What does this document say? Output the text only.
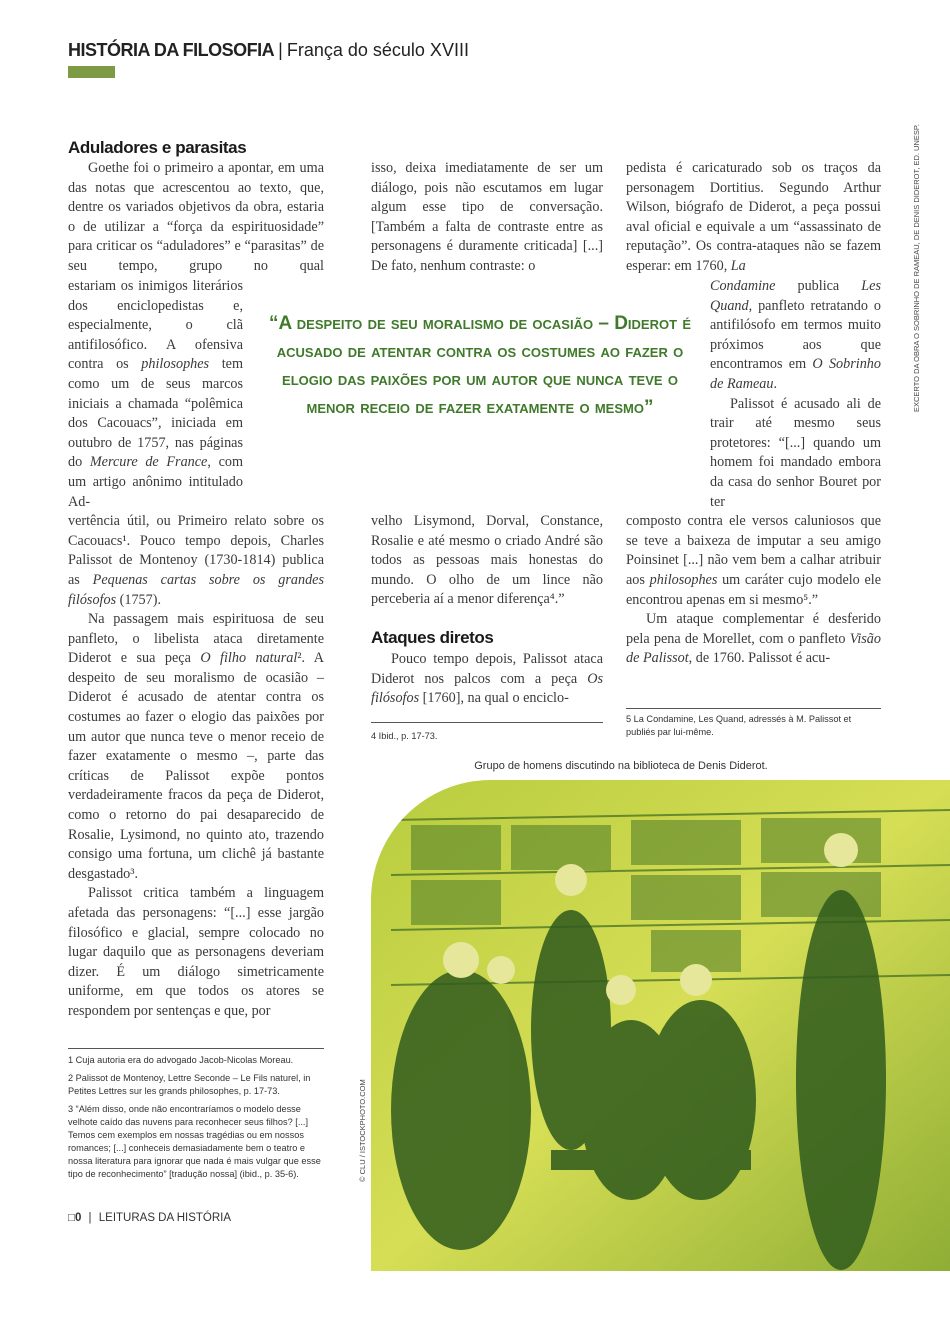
HISTÓRIA DA FILOSOFIA | França do século XVIII
Aduladores e parasitas

Goethe foi o primeiro a apontar, em uma das notas que acrescentou ao texto, que, dentre os variados objetivos da obra, estaria o de utilizar a “força da espirituosidade” para criticar os “aduladores” e “parasitas” de seu tempo, grupo no qual

estariam os inimigos literários dos enciclopedistas e, especialmente, o clã antifilosófico. A ofensiva contra os philosophes tem como um de seus marcos iniciais a chamada “polêmica dos Cacouacs”, iniciada em outubro de 1757, nas páginas do Mercure de France, com um artigo anônimo intitulado Ad-

vertência útil, ou Primeiro relato sobre os Cacouacs¹. Pouco tempo depois, Charles Palissot de Montenoy (1730-1814) publica as Pequenas cartas sobre os grandes filósofos (1757).

Na passagem mais espirituosa de seu panfleto, o libelista ataca diretamente Diderot e sua peça O filho natural². A despeito de seu moralismo de ocasião – Diderot é acusado de atentar contra os costumes ao fazer o elogio das paixões por um autor que nunca teve o menor receio de fazer exatamente o mesmo –, parte das críticas de Palissot expõe pontos verdadeiramente fracos da peça de Diderot, como o retorno do pai desaparecido de Rosalie, Lysimond, no quinto ato, trazendo consigo uma fortuna, um clichê já bastante desgastado³.

Palissot critica também a linguagem afetada das personagens: “[...] esse jargão filosófico e glacial, sempre colocado no lugar daquilo que as personagens deveriam dizer. É um diálogo simetricamente uniforme, em que todos os atores se respondem por sentenças e que, por

1 Cuja autoria era do advogado Jacob-Nicolas Moreau.

2 Palissot de Montenoy, Lettre Seconde – Le Fils naturel, in Petites Lettres sur les grands philosophes, p. 17-73.

3 “Além disso, onde não encontraríamos o modelo desse velhote caído das nuvens para reconhecer seus filhos? [...] Temos cem exemplos em nossas tragédias ou em nossos romances; [...] conheceis demasiadamente bem o teatro e nossa literatura para ignorar que nada é mais vulgar que esse tipo de reconhecimento” [tradução nossa] (ibid., p. 35-6).

□0 | LEITURAS DA HISTÓRIA

isso, deixa imediatamente de ser um diálogo, pois não escutamos em lugar algum esse tipo de conversação. [Também a falta de contraste entre as personagens é duramente criticada] [...] De fato, nenhum contraste: o

“A despeito de seu moralismo de ocasião – Diderot é acusado de atentar contra os costumes ao fazer o elogio das paixões por um autor que nunca teve o menor receio de fazer exatamente o mesmo”

velho Lisymond, Dorval, Constance, Rosalie e até mesmo o criado André são todos as pessoas mais honestas do mundo. O olho de um lince não perceberia aí a menor diferença⁴.”

Ataques diretos

Pouco tempo depois, Palissot ataca Diderot nos palcos com a peça Os filósofos [1760], na qual o enciclo-

4 Ibid., p. 17-73.

pedista é caricaturado sob os traços da personagem Dortitius. Segundo Arthur Wilson, biógrafo de Diderot, a peça possui aval oficial e equivale a um “assassinato de reputação”. Os contra-ataques não se fazem esperar: em 1760, La

Condamine publica Les Quand, panfleto retratando o antifilósofo em termos muito próximos aos que encontramos em O Sobrinho de Rameau.

Palissot é acusado ali de trair até mesmo seus protetores: “[...] quando um homem foi mandado embora da casa do senhor Bouret por ter

composto contra ele versos caluniosos que se teve a baixeza de imputar a seu amigo Poinsinet [...] não vem bem a calhar atribuir aos philosophes um caráter cujo modelo ele encontrou apenas em si mesmo⁵.”

Um ataque complementar é desferido pela pena de Morellet, com o panfleto Visão de Palissot, de 1760. Palissot é acu-

5 La Condamine, Les Quand, adressés à M. Palissot et publiés par lui-même.
EXCERTO DA OBRA O SOBRINHO DE RAMEAU, DE DENIS DIDEROT, ED. UNESP.
Grupo de homens discutindo na biblioteca de Denis Diderot.
© CLU / ISTOCKPHOTO.COM
